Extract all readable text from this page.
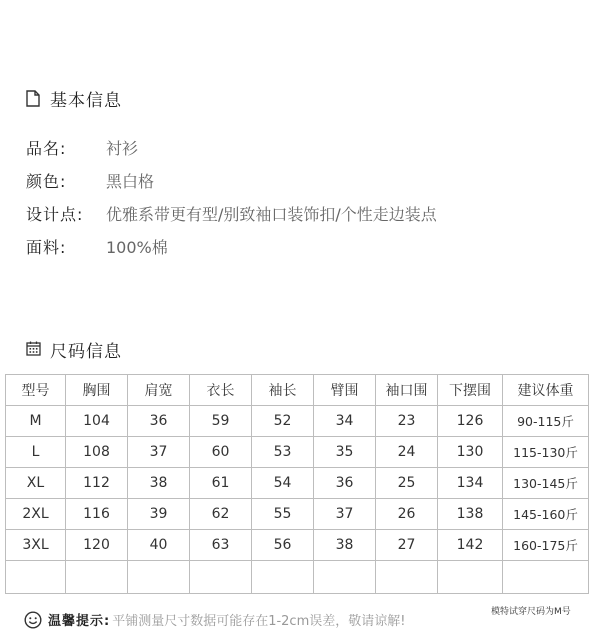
基本信息
品名:	衬衫
颜色:	黑白格
设计点:	优雅系带更有型/别致袖口装饰扣/个性走边装点
面料:	100%棉
尺码信息
型号	胸围	肩宽	衣长	袖长	臂围	袖口围	下摆围	建议体重
M	104	36	59	52	34	23	126	90-115斤
L	108	37	60	53	35	24	130	115-130斤
XL	112	38	61	54	36	25	134	130-145斤
2XL	116	39	62	55	37	26	138	145-160斤
3XL	120	40	63	56	38	27	142	160-175斤

模特试穿尺码为M号
温馨提示: 平铺测量尺寸数据可能存在1-2cm误差，敬请谅解!
